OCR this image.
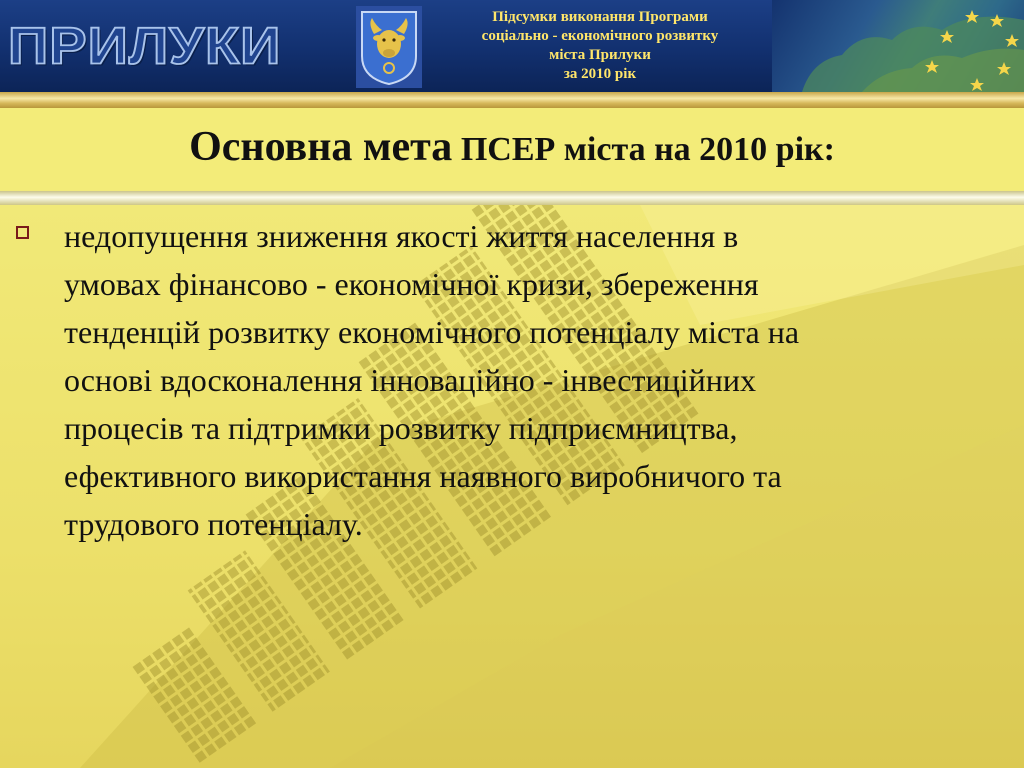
ПРИЛУКИ	Підсумки виконання Програми
соціально - економічного розвитку
міста Прилуки
за 2010 рік
Основна мета ПСЕР міста на 2010 рік:
недопущення зниження якості життя населення в
умовах фінансово - економічної кризи, збереження
тенденцій розвитку економічного потенціалу міста на
основі вдосконалення інноваційно - інвестиційних
процесів та підтримки розвитку підприємництва,
ефективного використання наявного виробничого та
трудового потенціалу.
